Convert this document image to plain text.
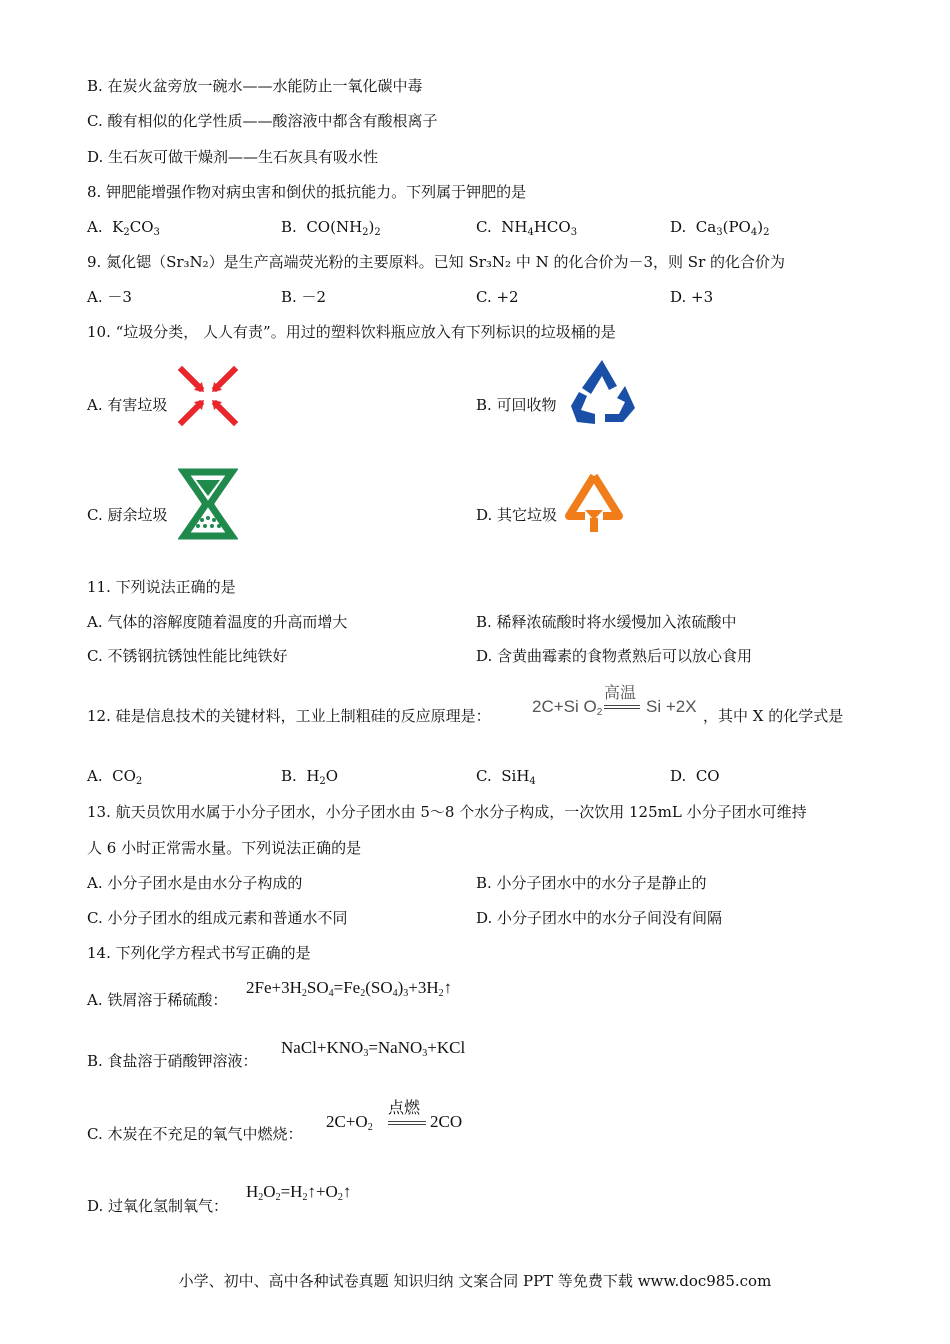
B. 在炭火盆旁放一碗水——水能防止一氧化碳中毒
C. 酸有相似的化学性质——酸溶液中都含有酸根离子
D. 生石灰可做干燥剂——生石灰具有吸水性
8. 钾肥能增强作物对病虫害和倒伏的抵抗能力。下列属于钾肥的是
A.  $K_2CO_3$	B.  $CO(NH_2)_2$	C.  $NH_4HCO_3$	D.  $Ca_3(PO_4)_2$
9. 氮化锶（Sr₃N₂）是生产高端荧光粉的主要原料。已知 Sr₃N₂ 中 N 的化合价为－3，则 Sr 的化合价为
A. －3	B. －2	C. +2	D. +3
10. “垃圾分类， 人人有责”。用过的塑料饮料瓶应放入有下列标识的垃圾桶的是
A. 有害垃圾	B. 可回收物
C. 厨余垃圾	D. 其它垃圾
11. 下列说法正确的是
A. 气体的溶解度随着温度的升高而增大	B. 稀释浓硫酸时将水缓慢加入浓硫酸中
C. 不锈钢抗锈蚀性能比纯铁好	D. 含黄曲霉素的食物煮熟后可以放心食用
12. 硅是信息技术的关键材料，工业上制粗硅的反应原理是： 2C+Si $O_2$
高温
Si +2X ，其中 X 的化学式是
A.  $CO_2$	B.  $H_2O$	C.  SiH$_4$	D. CO
13. 航天员饮用水属于小分子团水，小分子团水由 5～8 个水分子构成，一次饮用 125mL 小分子团水可维持
人 6 小时正常需水量。下列说法正确的是
A. 小分子团水是由水分子构成的	B. 小分子团水中的水分子是静止的
C. 小分子团水的组成元素和普通水不同	D. 小分子团水中的水分子间没有间隔
14. 下列化学方程式书写正确的是
A. 铁屑溶于稀硫酸：
$2Fe+3H_2SO_4=Fe_2(SO_4)_3+3H_2↑$
B. 食盐溶于硝酸钾溶液：
$NaCl+KNO_3=NaNO_3+KCl$
C. 木炭在不充足的氧气中燃烧：
$2C+O_2$
点燃
2CO
D. 过氧化氢制氧气：
$H_2O_2=H_2↑+O_2↑$
小学、初中、高中各种试卷真题 知识归纳 文案合同 PPT 等免费下载 www.doc985.com
